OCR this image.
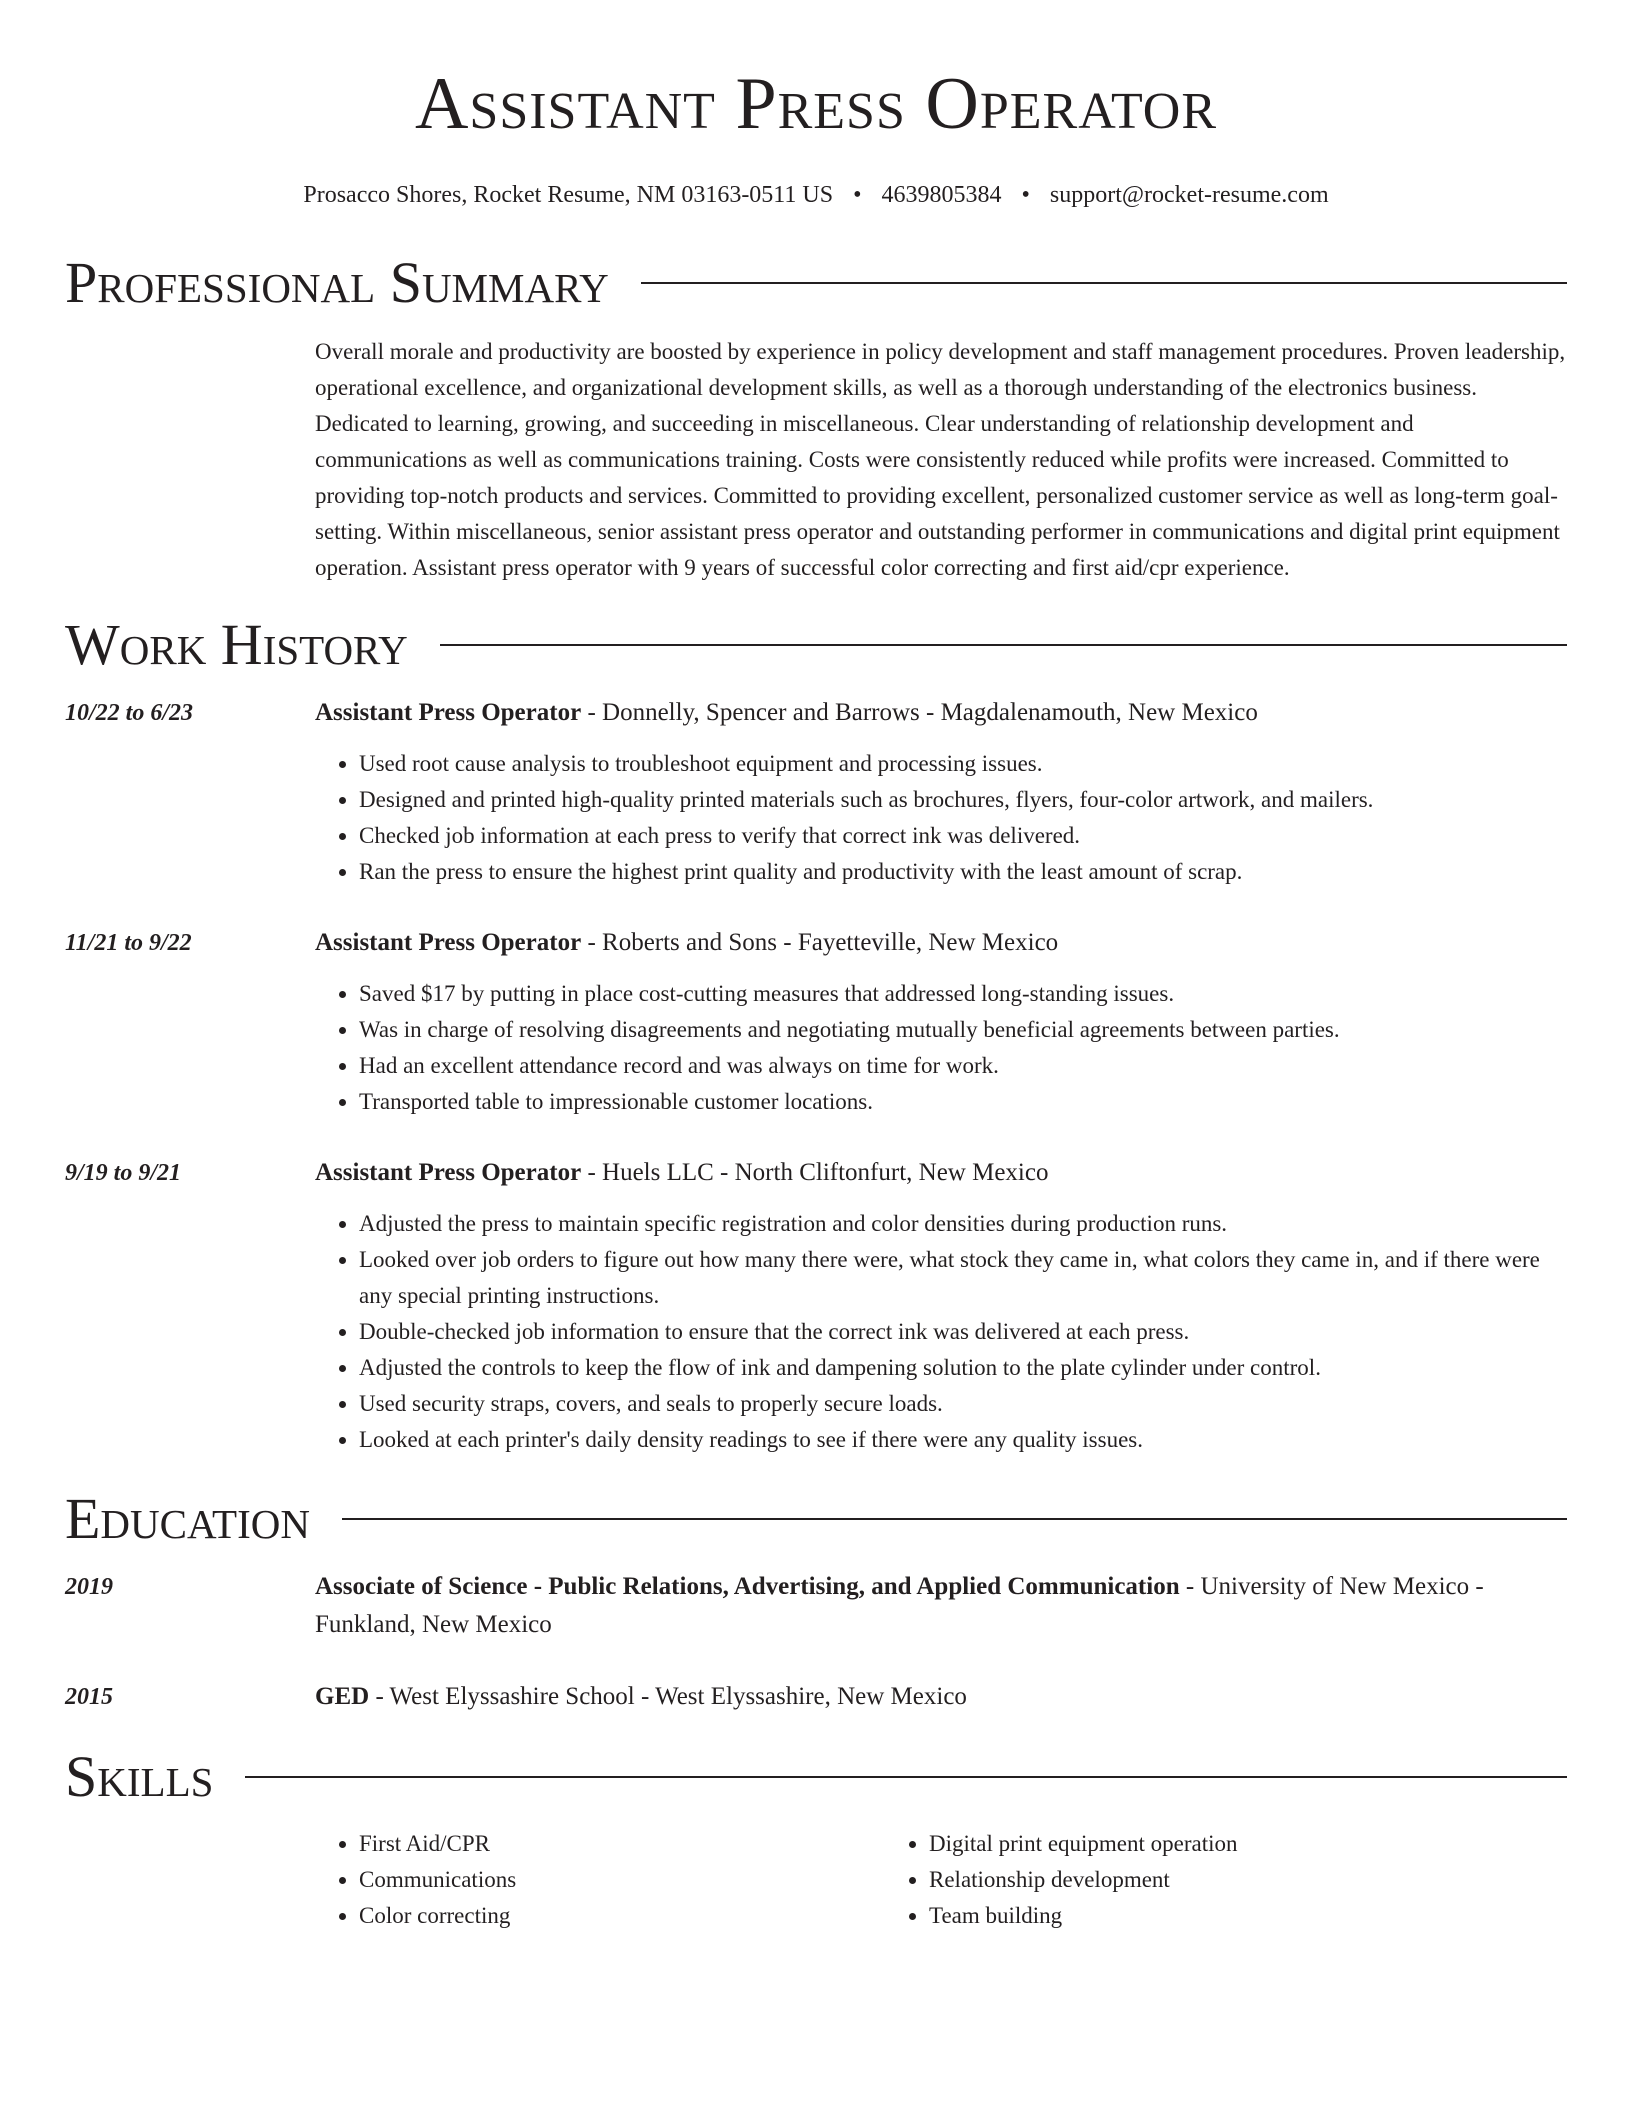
Assistant Press Operator
Prosacco Shores, Rocket Resume, NM 03163-0511 US • 4639805384 • support@rocket-resume.com
Professional Summary
Overall morale and productivity are boosted by experience in policy development and staff management procedures. Proven leadership, operational excellence, and organizational development skills, as well as a thorough understanding of the electronics business. Dedicated to learning, growing, and succeeding in miscellaneous. Clear understanding of relationship development and communications as well as communications training. Costs were consistently reduced while profits were increased. Committed to providing top-notch products and services. Committed to providing excellent, personalized customer service as well as long-term goal-setting. Within miscellaneous, senior assistant press operator and outstanding performer in communications and digital print equipment operation. Assistant press operator with 9 years of successful color correcting and first aid/cpr experience.
Work History
10/22 to 6/23	Assistant Press Operator - Donnelly, Spencer and Barrows - Magdalenamouth, New Mexico
• Used root cause analysis to troubleshoot equipment and processing issues.
• Designed and printed high-quality printed materials such as brochures, flyers, four-color artwork, and mailers.
• Checked job information at each press to verify that correct ink was delivered.
• Ran the press to ensure the highest print quality and productivity with the least amount of scrap.
11/21 to 9/22	Assistant Press Operator - Roberts and Sons - Fayetteville, New Mexico
• Saved $17 by putting in place cost-cutting measures that addressed long-standing issues.
• Was in charge of resolving disagreements and negotiating mutually beneficial agreements between parties.
• Had an excellent attendance record and was always on time for work.
• Transported table to impressionable customer locations.
9/19 to 9/21	Assistant Press Operator - Huels LLC - North Cliftonfurt, New Mexico
• Adjusted the press to maintain specific registration and color densities during production runs.
• Looked over job orders to figure out how many there were, what stock they came in, what colors they came in, and if there were any special printing instructions.
• Double-checked job information to ensure that the correct ink was delivered at each press.
• Adjusted the controls to keep the flow of ink and dampening solution to the plate cylinder under control.
• Used security straps, covers, and seals to properly secure loads.
• Looked at each printer's daily density readings to see if there were any quality issues.
Education
2019	Associate of Science - Public Relations, Advertising, and Applied Communication - University of New Mexico - Funkland, New Mexico
2015	GED - West Elyssashire School - West Elyssashire, New Mexico
Skills
• First Aid/CPR
• Communications
• Color correcting
• Digital print equipment operation
• Relationship development
• Team building
